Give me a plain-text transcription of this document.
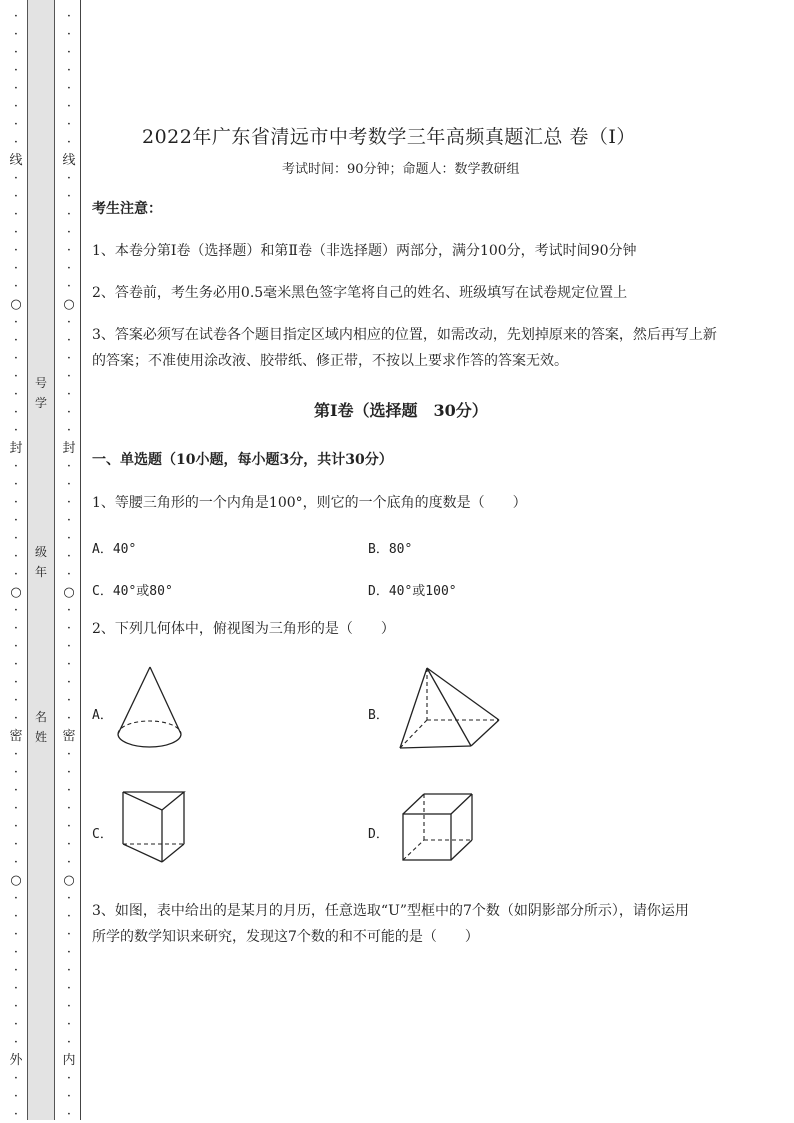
·
·
·
·
·
·
·
·
线
·
·
·
·
·
·
·
○
·
·
·
·
·
·
·
封
·
·
·
·
·
·
·
○
·
·
·
·
·
·
·
密
·
·
·
·
·
·
·
○
·
·
·
·
·
·
·
·
·
外
·
·
·
号
学
级
年
名
姓
·
·
·
·
·
·
·
·
线
·
·
·
·
·
·
·
○
·
·
·
·
·
·
·
封
·
·
·
·
·
·
·
○
·
·
·
·
·
·
·
密
·
·
·
·
·
·
·
○
·
·
·
·
·
·
·
·
·
内
·
·
·
2022年广东省清远市中考数学三年高频真题汇总 卷（Ⅰ）
考试时间：90分钟；命题人：数学教研组
考生注意：
1、本卷分第Ⅰ卷（选择题）和第Ⅱ卷（非选择题）两部分，满分100分，考试时间90分钟
2、答卷前，考生务必用0.5毫米黑色签字笔将自己的姓名、班级填写在试卷规定位置上
3、答案必须写在试卷各个题目指定区域内相应的位置，如需改动，先划掉原来的答案，然后再写上新
的答案；不准使用涂改液、胶带纸、修正带，不按以上要求作答的答案无效。
第Ⅰ卷（选择题　30分）
一、单选题（10小题，每小题3分，共计30分）
1、等腰三角形的一个内角是100°，则它的一个底角的度数是（　　）
A．40°	B．80°
C．40°或80°	D．40°或100°
2、下列几何体中，俯视图为三角形的是（　　）
A．	B．
C．	D．
3、如图，表中给出的是某月的月历，任意选取“U”型框中的7个数（如阴影部分所示），请你运用
所学的数学知识来研究，发现这7个数的和不可能的是（　　）
